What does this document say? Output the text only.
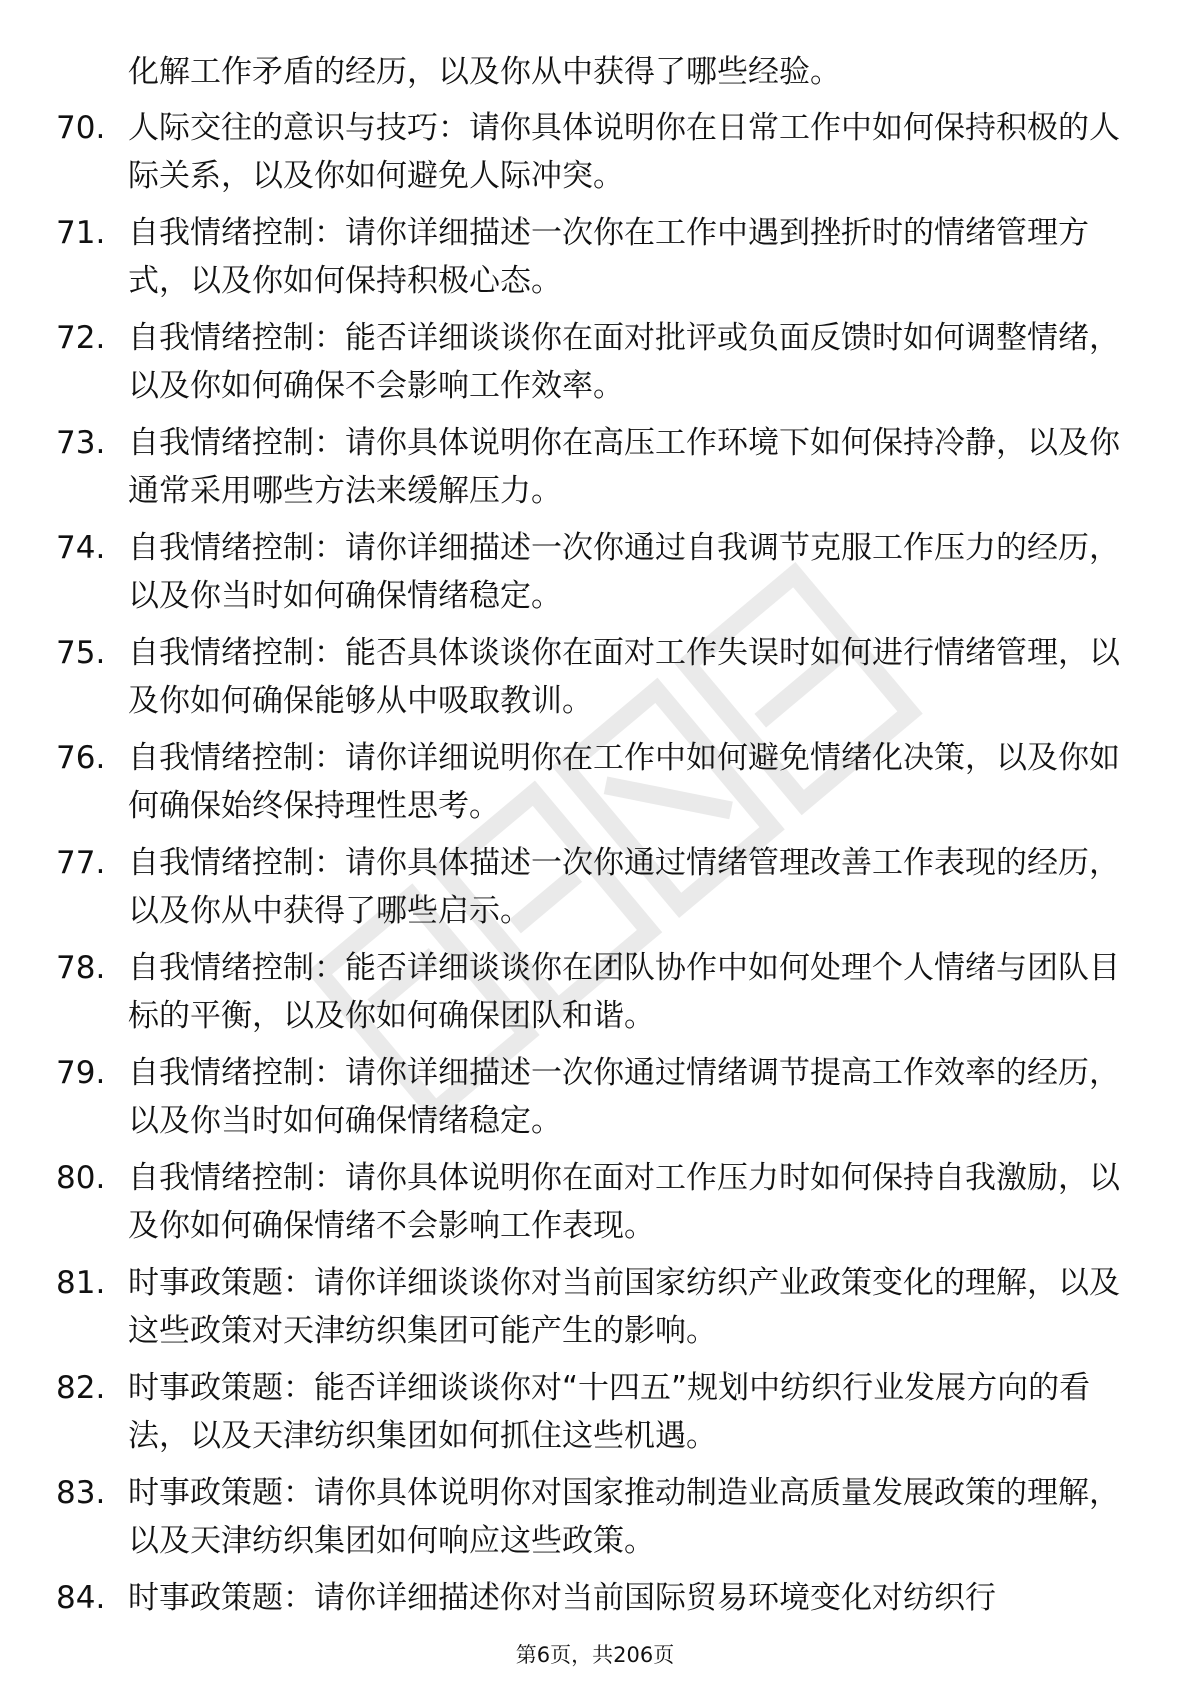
化解工作矛盾的经历，以及你从中获得了哪些经验。
70. 人际交往的意识与技巧：请你具体说明你在日常工作中如何保持积极的人际关系，以及你如何避免人际冲突。
71. 自我情绪控制：请你详细描述一次你在工作中遇到挫折时的情绪管理方式，以及你如何保持积极心态。
72. 自我情绪控制：能否详细谈谈你在面对批评或负面反馈时如何调整情绪，以及你如何确保不会影响工作效率。
73. 自我情绪控制：请你具体说明你在高压工作环境下如何保持冷静，以及你通常采用哪些方法来缓解压力。
74. 自我情绪控制：请你详细描述一次你通过自我调节克服工作压力的经历，以及你当时如何确保情绪稳定。
75. 自我情绪控制：能否具体谈谈你在面对工作失误时如何进行情绪管理，以及你如何确保能够从中吸取教训。
76. 自我情绪控制：请你详细说明你在工作中如何避免情绪化决策，以及你如何确保始终保持理性思考。
77. 自我情绪控制：请你具体描述一次你通过情绪管理改善工作表现的经历，以及你从中获得了哪些启示。
78. 自我情绪控制：能否详细谈谈你在团队协作中如何处理个人情绪与团队目标的平衡，以及你如何确保团队和谐。
79. 自我情绪控制：请你详细描述一次你通过情绪调节提高工作效率的经历，以及你当时如何确保情绪稳定。
80. 自我情绪控制：请你具体说明你在面对工作压力时如何保持自我激励，以及你如何确保情绪不会影响工作表现。
81. 时事政策题：请你详细谈谈你对当前国家纺织产业政策变化的理解，以及这些政策对天津纺织集团可能产生的影响。
82. 时事政策题：能否详细谈谈你对“十四五”规划中纺织行业发展方向的看法，以及天津纺织集团如何抓住这些机遇。
83. 时事政策题：请你具体说明你对国家推动制造业高质量发展政策的理解，以及天津纺织集团如何响应这些政策。
84. 时事政策题：请你详细描述你对当前国际贸易环境变化对纺织行
第6页，共206页
